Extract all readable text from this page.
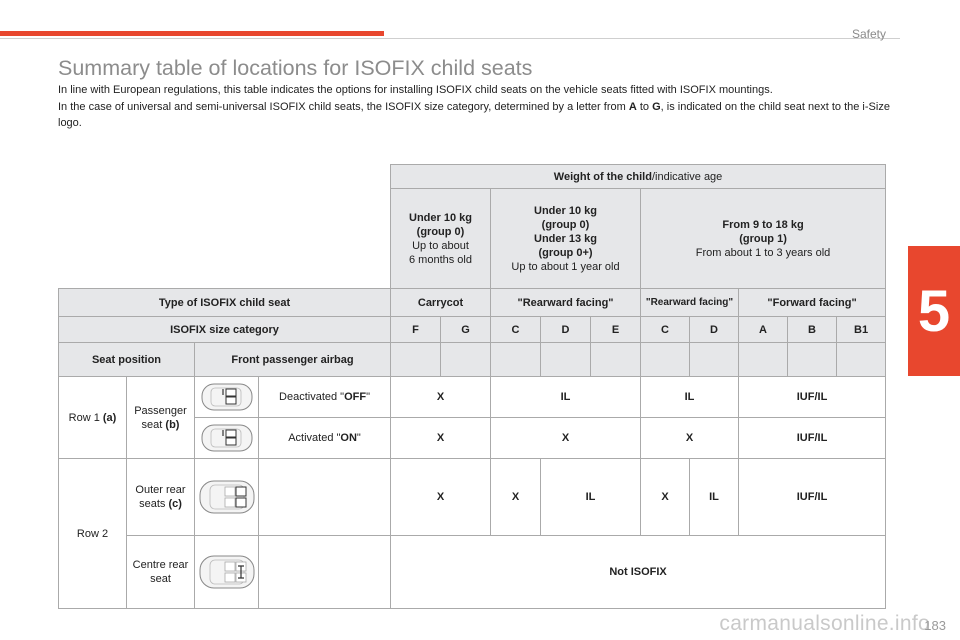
Safety
5
Summary table of locations for ISOFIX child seats

In line with European regulations, this table indicates the options for installing ISOFIX child seats on the vehicle seats fitted with ISOFIX mountings.
In the case of universal and semi-universal ISOFIX child seats, the ISOFIX size category, determined by a letter from A to G, is indicated on the child seat next to the i-Size logo.

				Weight of the child/indicative age									
				Under 10 kg
(group 0)
Up to about
6 months old		Under 10 kg
(group 0)
Under 13 kg
(group 0+)
Up to about 1 year old			From 9 to 18 kg
(group 1)
From about 1 to 3 years old				
Type of ISOFIX child seat				Carrycot		"Rearward facing"			"Rearward facing"		"Forward facing"		
ISOFIX size category				F	G	C	D	E	C	D	A	B	B1
Seat position		Front passenger airbag											
Row 1 (a)	Passenger seat (b)		Deactivated "OFF"	X		IL			IL		IUF/IL		

	Activated "ON"	X		X			X		IUF/IL		
Row 2	Outer rear seats (c)			X		X	IL		X	IL	IUF/IL		
	Centre rear seat			Not ISOFIX									
carmanualsonline.info
183
